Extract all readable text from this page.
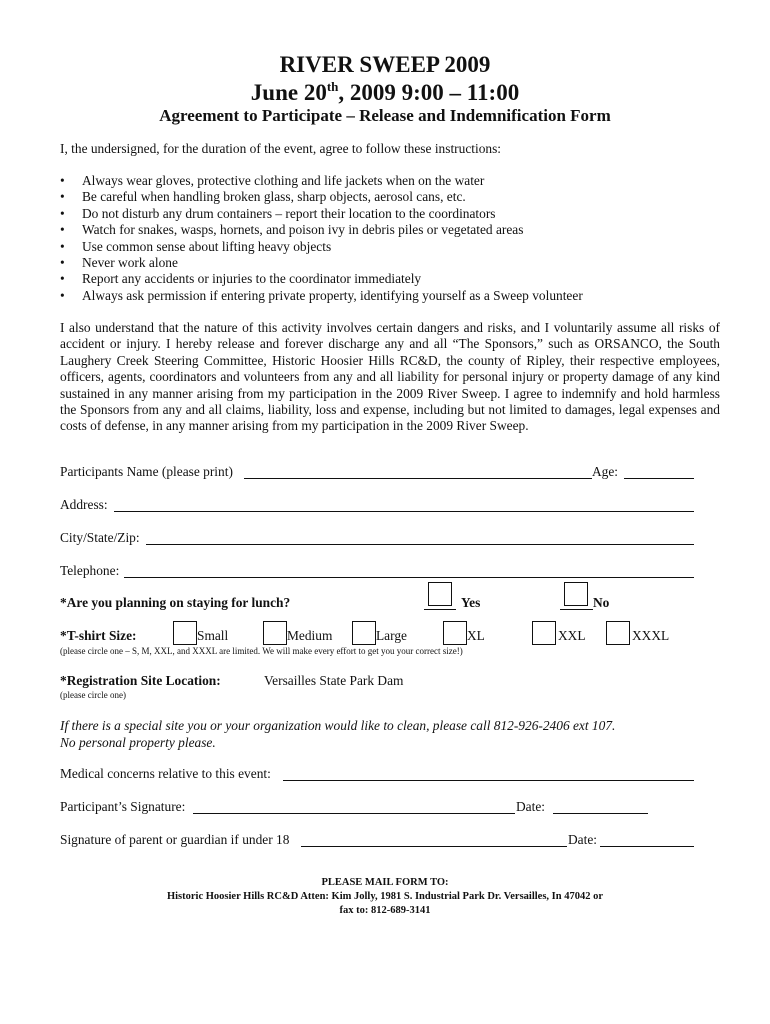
RIVER SWEEP 2009
June 20th, 2009 9:00 – 11:00
Agreement to Participate – Release and Indemnification Form
I, the undersigned, for the duration of the event, agree to follow these instructions:
• Always wear gloves, protective clothing and life jackets when on the water
• Be careful when handling broken glass, sharp objects, aerosol cans, etc.
• Do not disturb any drum containers – report their location to the coordinators
• Watch for snakes, wasps, hornets, and poison ivy in debris piles or vegetated areas
• Use common sense about lifting heavy objects
• Never work alone
• Report any accidents or injuries to the coordinator immediately
• Always ask permission if entering private property, identifying yourself as a Sweep volunteer
I also understand that the nature of this activity involves certain dangers and risks, and I voluntarily assume all risks of accident or injury. I hereby release and forever discharge any and all “The Sponsors,” such as ORSANCO, the South Laughery Creek Steering Committee, Historic Hoosier Hills RC&D, the county of Ripley, their respective employees, officers, agents, coordinators and volunteers from any and all liability for personal injury or property damage of any kind sustained in any manner arising from my participation in the 2009 River Sweep. I agree to indemnify and hold harmless the Sponsors from any and all claims, liability, loss and expense, including but not limited to damages, legal expenses and costs of defense, in any manner arising from my participation in the 2009 River Sweep.
Participants Name (please print)	Age:
Address:
City/State/Zip:
Telephone:
*Are you planning on staying for lunch?	Yes	No
*T-shirt Size:	Small	Medium	Large	XL	XXL	XXXL
(please circle one – S, M, XXL, and XXXL are limited. We will make every effort to get you your correct size!)
*Registration Site Location:	Versailles State Park Dam
(please circle one)
If there is a special site you or your organization would like to clean, please call 812-926-2406 ext 107.
No personal property please.
Medical concerns relative to this event:
Participant’s Signature:	Date:
Signature of parent or guardian if under 18	Date:
PLEASE MAIL FORM TO:
Historic Hoosier Hills RC&D Atten: Kim Jolly, 1981 S. Industrial Park Dr. Versailles, In 47042 or
fax to: 812-689-3141
